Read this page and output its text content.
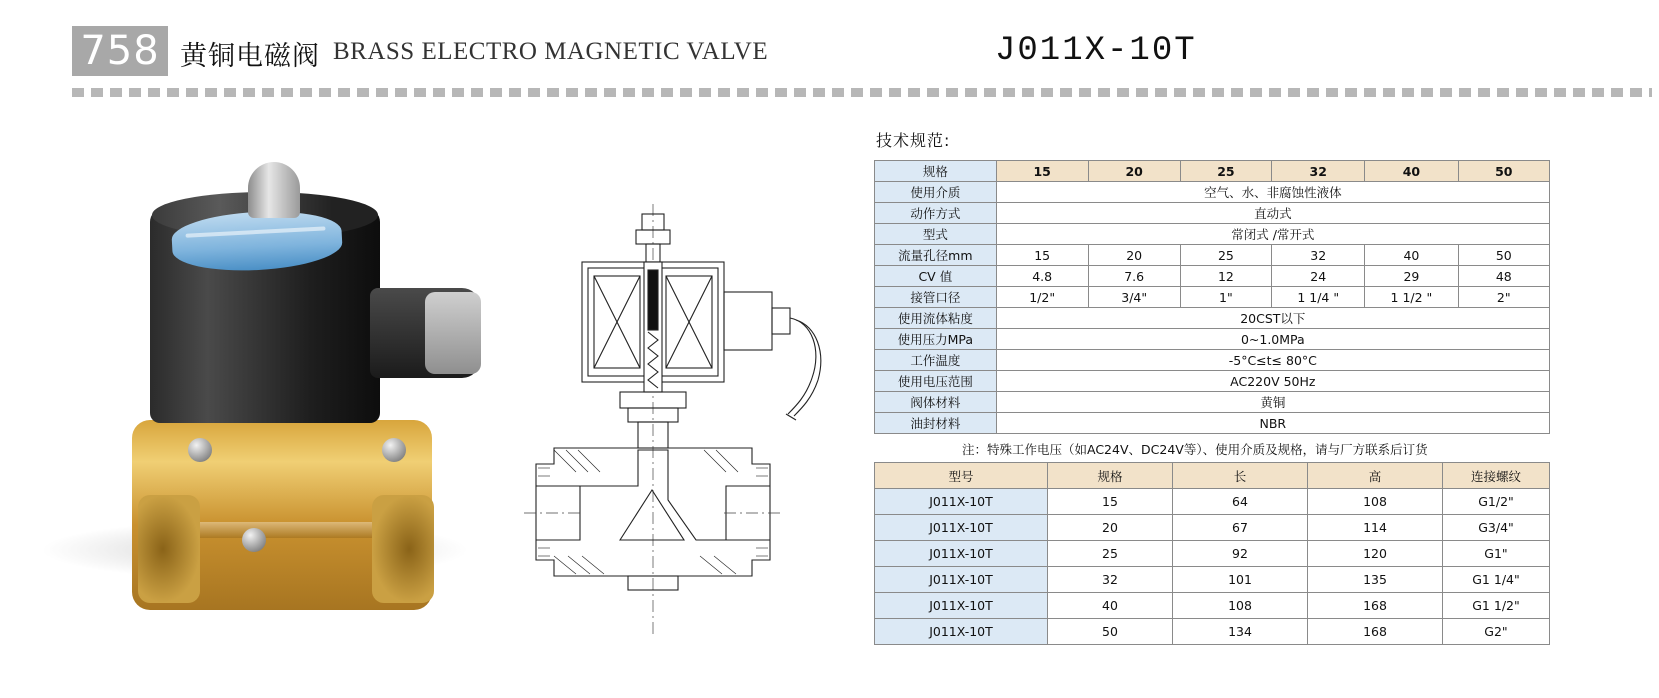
758 黄铜电磁阀 BRASS ELECTRO MAGNETIC VALVE	J011X-10T
技术规范:
规格	15	20	25	32	40	50
使用介质	空气、水、非腐蚀性液体					
动作方式	直动式					
型式	常闭式 /常开式					
流量孔径mm	15	20	25	32	40	50
CV 值	4.8	7.6	12	24	29	48
接管口径	1/2"	3/4"	1"	1 1/4 "	1 1/2 "	2"
使用流体粘度	20CST以下					
使用压力MPa	0~1.0MPa					
工作温度	-5°C≤t≤ 80°C					
使用电压范围	AC220V 50Hz					
阀体材料	黄铜					
油封材料	NBR					
注：特殊工作电压（如AC24V、DC24V等）、使用介质及规格，请与厂方联系后订货
型号	规格	长	高	连接螺纹
J011X-10T	15	64	108	G1/2"
J011X-10T	20	67	114	G3/4"
J011X-10T	25	92	120	G1"
J011X-10T	32	101	135	G1 1/4"
J011X-10T	40	108	168	G1 1/2"
J011X-10T	50	134	168	G2"
